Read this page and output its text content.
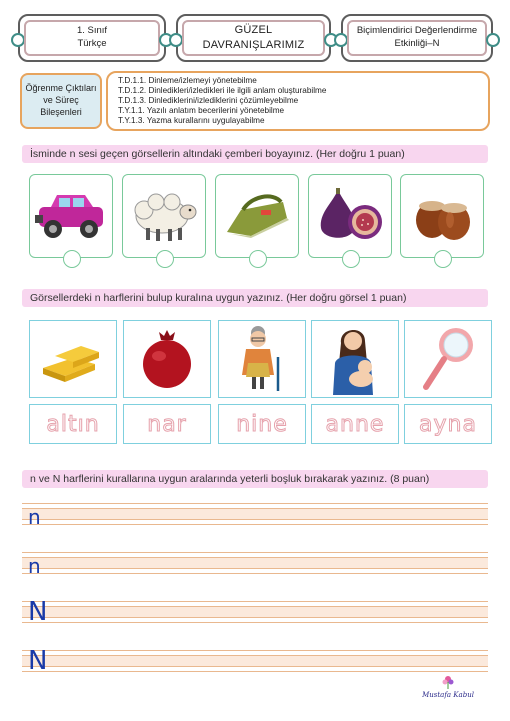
1. Sınıf
Türkçe
GÜZEL DAVRANIŞLARIMIZ
Biçimlendirici Değerlendirme
Etkinliği–N
Öğrenme Çıktıları ve Süreç Bileşenleri
T.D.1.1. Dinleme/izlemeyi yönetebilme
T.D.1.2. Dinledikleri/izledikleri ile ilgili anlam oluşturabilme
T.D.1.3. Dinlediklerini/izlediklerini çözümleyebilme
T.Y.1.1. Yazılı anlatım becerilerini yönetebilme
T.Y.1.3. Yazma kurallarını uygulayabilme
İsminde n sesi geçen görsellerin altındaki çemberi boyayınız. (Her doğru 1 puan)
Görsellerdeki n harflerini bulup kuralına uygun yazınız. (Her doğru görsel 1 puan)
altın	nar	nine	anne	ayna
n ve N harflerini kurallarına uygun aralarında yeterli boşluk bırakarak yazınız. (8 puan)
n
n
N
N
Mustafa Kabul
